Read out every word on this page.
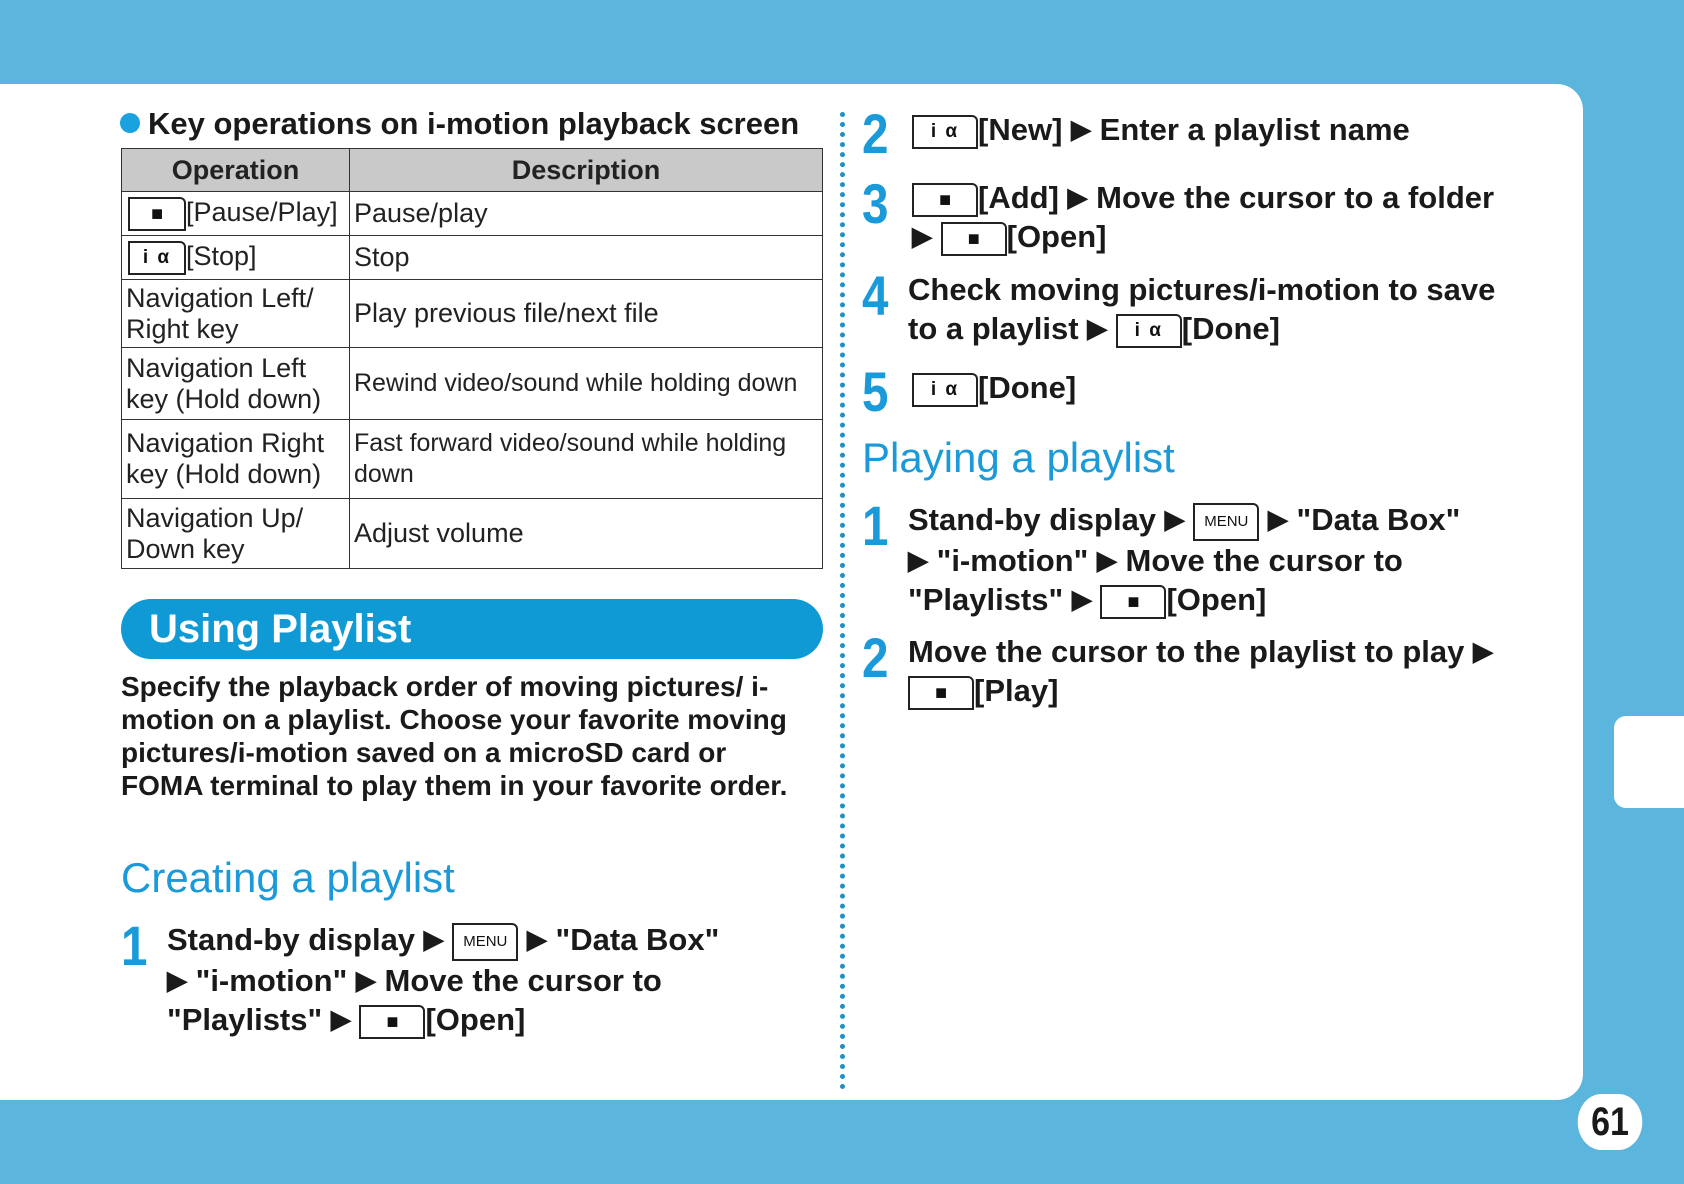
61
Key operations on i-motion playback screen
Operation	Description
■ [Pause/Play]	Pause/play
i α [Stop]	Stop
Navigation Left/ Right key	Play previous file/next file
Navigation Left key (Hold down)	Rewind video/sound while holding down
Navigation Right key (Hold down)	Fast forward video/sound while holding down
Navigation Up/ Down key	Adjust volume
Using Playlist
Specify the playback order of moving pictures/ i-motion on a playlist. Choose your favorite moving pictures/i-motion saved on a microSD card or FOMA terminal to play them in your favorite order.
Creating a playlist
1 Stand-by display ▶ MENU ▶ "Data Box"
▶ "i-motion" ▶ Move the cursor to
"Playlists" ▶ ■ [Open]
2	i α [New] ▶ Enter a playlist name
3	■ [Add] ▶ Move the cursor to a folder
▶ ■ [Open]
4 Check moving pictures/i-motion to save
to a playlist ▶ i α [Done]
5	i α [Done]
Playing a playlist
1 Stand-by display ▶ MENU ▶ "Data Box"
▶ "i-motion" ▶ Move the cursor to
"Playlists" ▶ ■ [Open]
2 Move the cursor to the playlist to play ▶
■ [Play]
